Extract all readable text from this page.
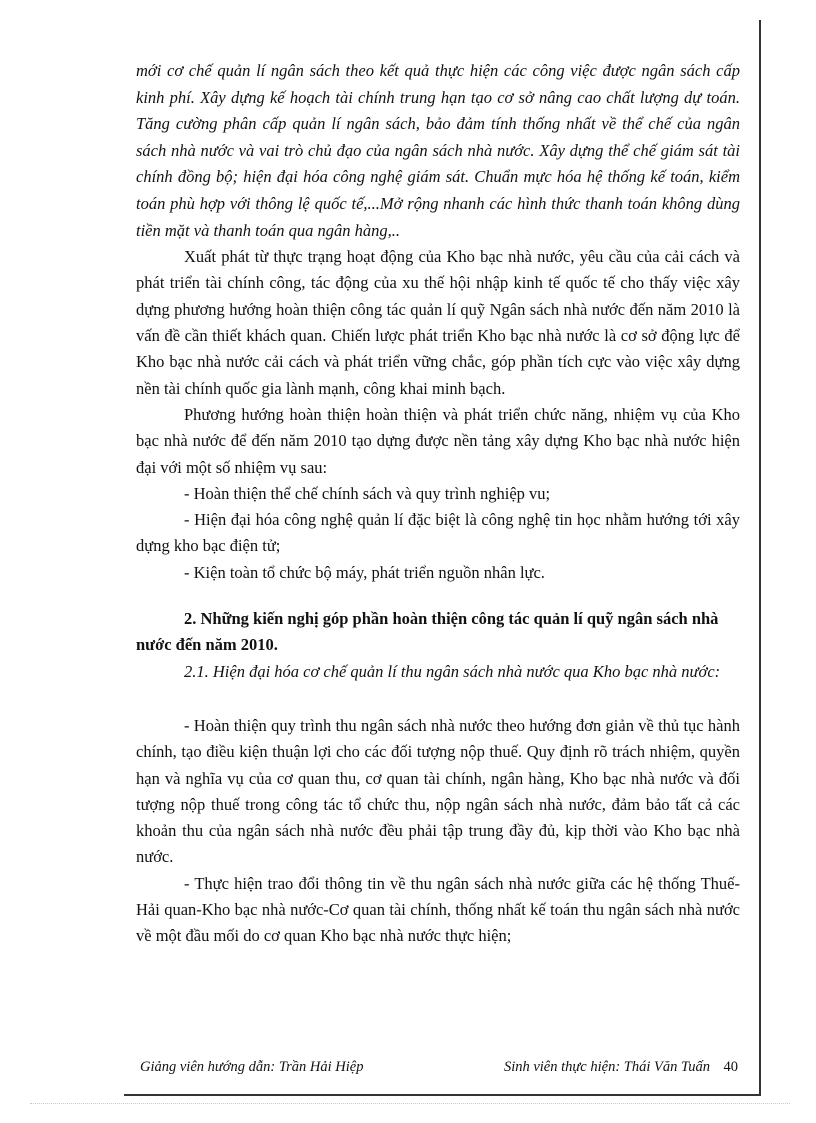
mới cơ chế quản lí ngân sách theo kết quả thực hiện các công việc được ngân sách cấp kinh phí. Xây dựng kế hoạch tài chính trung hạn tạo cơ sở nâng cao chất lượng dự toán. Tăng cường phân cấp quản lí ngân sách, bảo đảm tính thống nhất về thể chế của ngân sách nhà nước và vai trò chủ đạo của ngân sách nhà nước. Xây dựng thể chế giám sát tài chính đồng bộ; hiện đại hóa công nghệ giám sát. Chuẩn mực hóa hệ thống kế toán, kiểm toán phù hợp với thông lệ quốc tế,...Mở rộng nhanh các hình thức thanh toán không dùng tiền mặt và thanh toán qua ngân hàng,..

Xuất phát từ thực trạng hoạt động của Kho bạc nhà nước, yêu cầu của cải cách và phát triển tài chính công, tác động của xu thế hội nhập kinh tế quốc tế cho thấy việc xây dựng phương hướng hoàn thiện công tác quản lí quỹ Ngân sách nhà nước đến năm 2010 là vấn đề cần thiết khách quan. Chiến lược phát triển Kho bạc nhà nước là cơ sở động lực để Kho bạc nhà nước cải cách và phát triển vững chắc, góp phần tích cực vào việc xây dựng nền tài chính quốc gia lành mạnh, công khai minh bạch.

Phương hướng hoàn thiện hoàn thiện và phát triển chức năng, nhiệm vụ của Kho bạc nhà nước để đến năm 2010 tạo dựng được nền tảng xây dựng Kho bạc nhà nước hiện đại với một số nhiệm vụ sau:

- Hoàn thiện thể chế chính sách và quy trình nghiệp vu;

- Hiện đại hóa công nghệ quản lí đặc biệt là công nghệ tin học nhằm hướng tới xây dựng kho bạc điện tử;

- Kiện toàn tổ chức bộ máy, phát triển nguồn nhân lực.

2. Những kiến nghị góp phần hoàn thiện công tác quản lí quỹ ngân sách nhà nước đến năm 2010.

2.1. Hiện đại hóa cơ chế quản lí thu ngân sách nhà nước qua Kho bạc nhà nước:

- Hoàn thiện quy trình thu ngân sách nhà nước theo hướng đơn giản về thủ tục hành chính, tạo điều kiện thuận lợi cho các đối tượng nộp thuế. Quy định rõ trách nhiệm, quyền hạn và nghĩa vụ của cơ quan thu, cơ quan tài chính, ngân hàng, Kho bạc nhà nước và đối tượng nộp thuế trong công tác tổ chức thu, nộp ngân sách nhà nước, đảm bảo tất cả các khoản thu của ngân sách nhà nước đều phải tập trung đầy đủ, kịp thời vào Kho bạc nhà nước.

- Thực hiện trao đổi thông tin về thu ngân sách nhà nước giữa các hệ thống Thuế-Hải quan-Kho bạc nhà nước-Cơ quan tài chính, thống nhất kế toán thu ngân sách nhà nước về một đầu mối do cơ quan Kho bạc nhà nước thực hiện;

Giảng viên hướng dẫn: Trần Hải Hiệp	Sinh viên thực hiện: Thái Văn Tuấn 40
